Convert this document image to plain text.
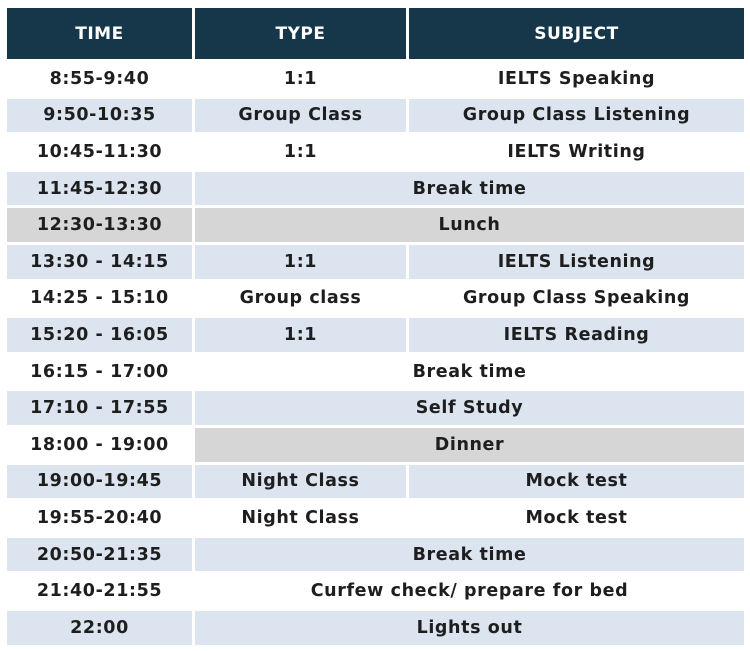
TIME	TYPE	SUBJECT
8:55-9:40	1:1	IELTS Speaking
9:50-10:35	Group Class	Group Class Listening
10:45-11:30	1:1	IELTS Writing
11:45-12:30	Break time	
12:30-13:30	Lunch	
13:30 - 14:15	1:1	IELTS Listening
14:25 - 15:10	Group class	Group Class Speaking
15:20 - 16:05	1:1	IELTS Reading
16:15 - 17:00	Break time	
17:10 - 17:55	Self Study	
18:00 - 19:00	Dinner	
19:00-19:45	Night Class	Mock test
19:55-20:40	Night Class	Mock test
20:50-21:35	Break time	
21:40-21:55	Curfew check/ prepare for bed	
22:00	Lights out	
